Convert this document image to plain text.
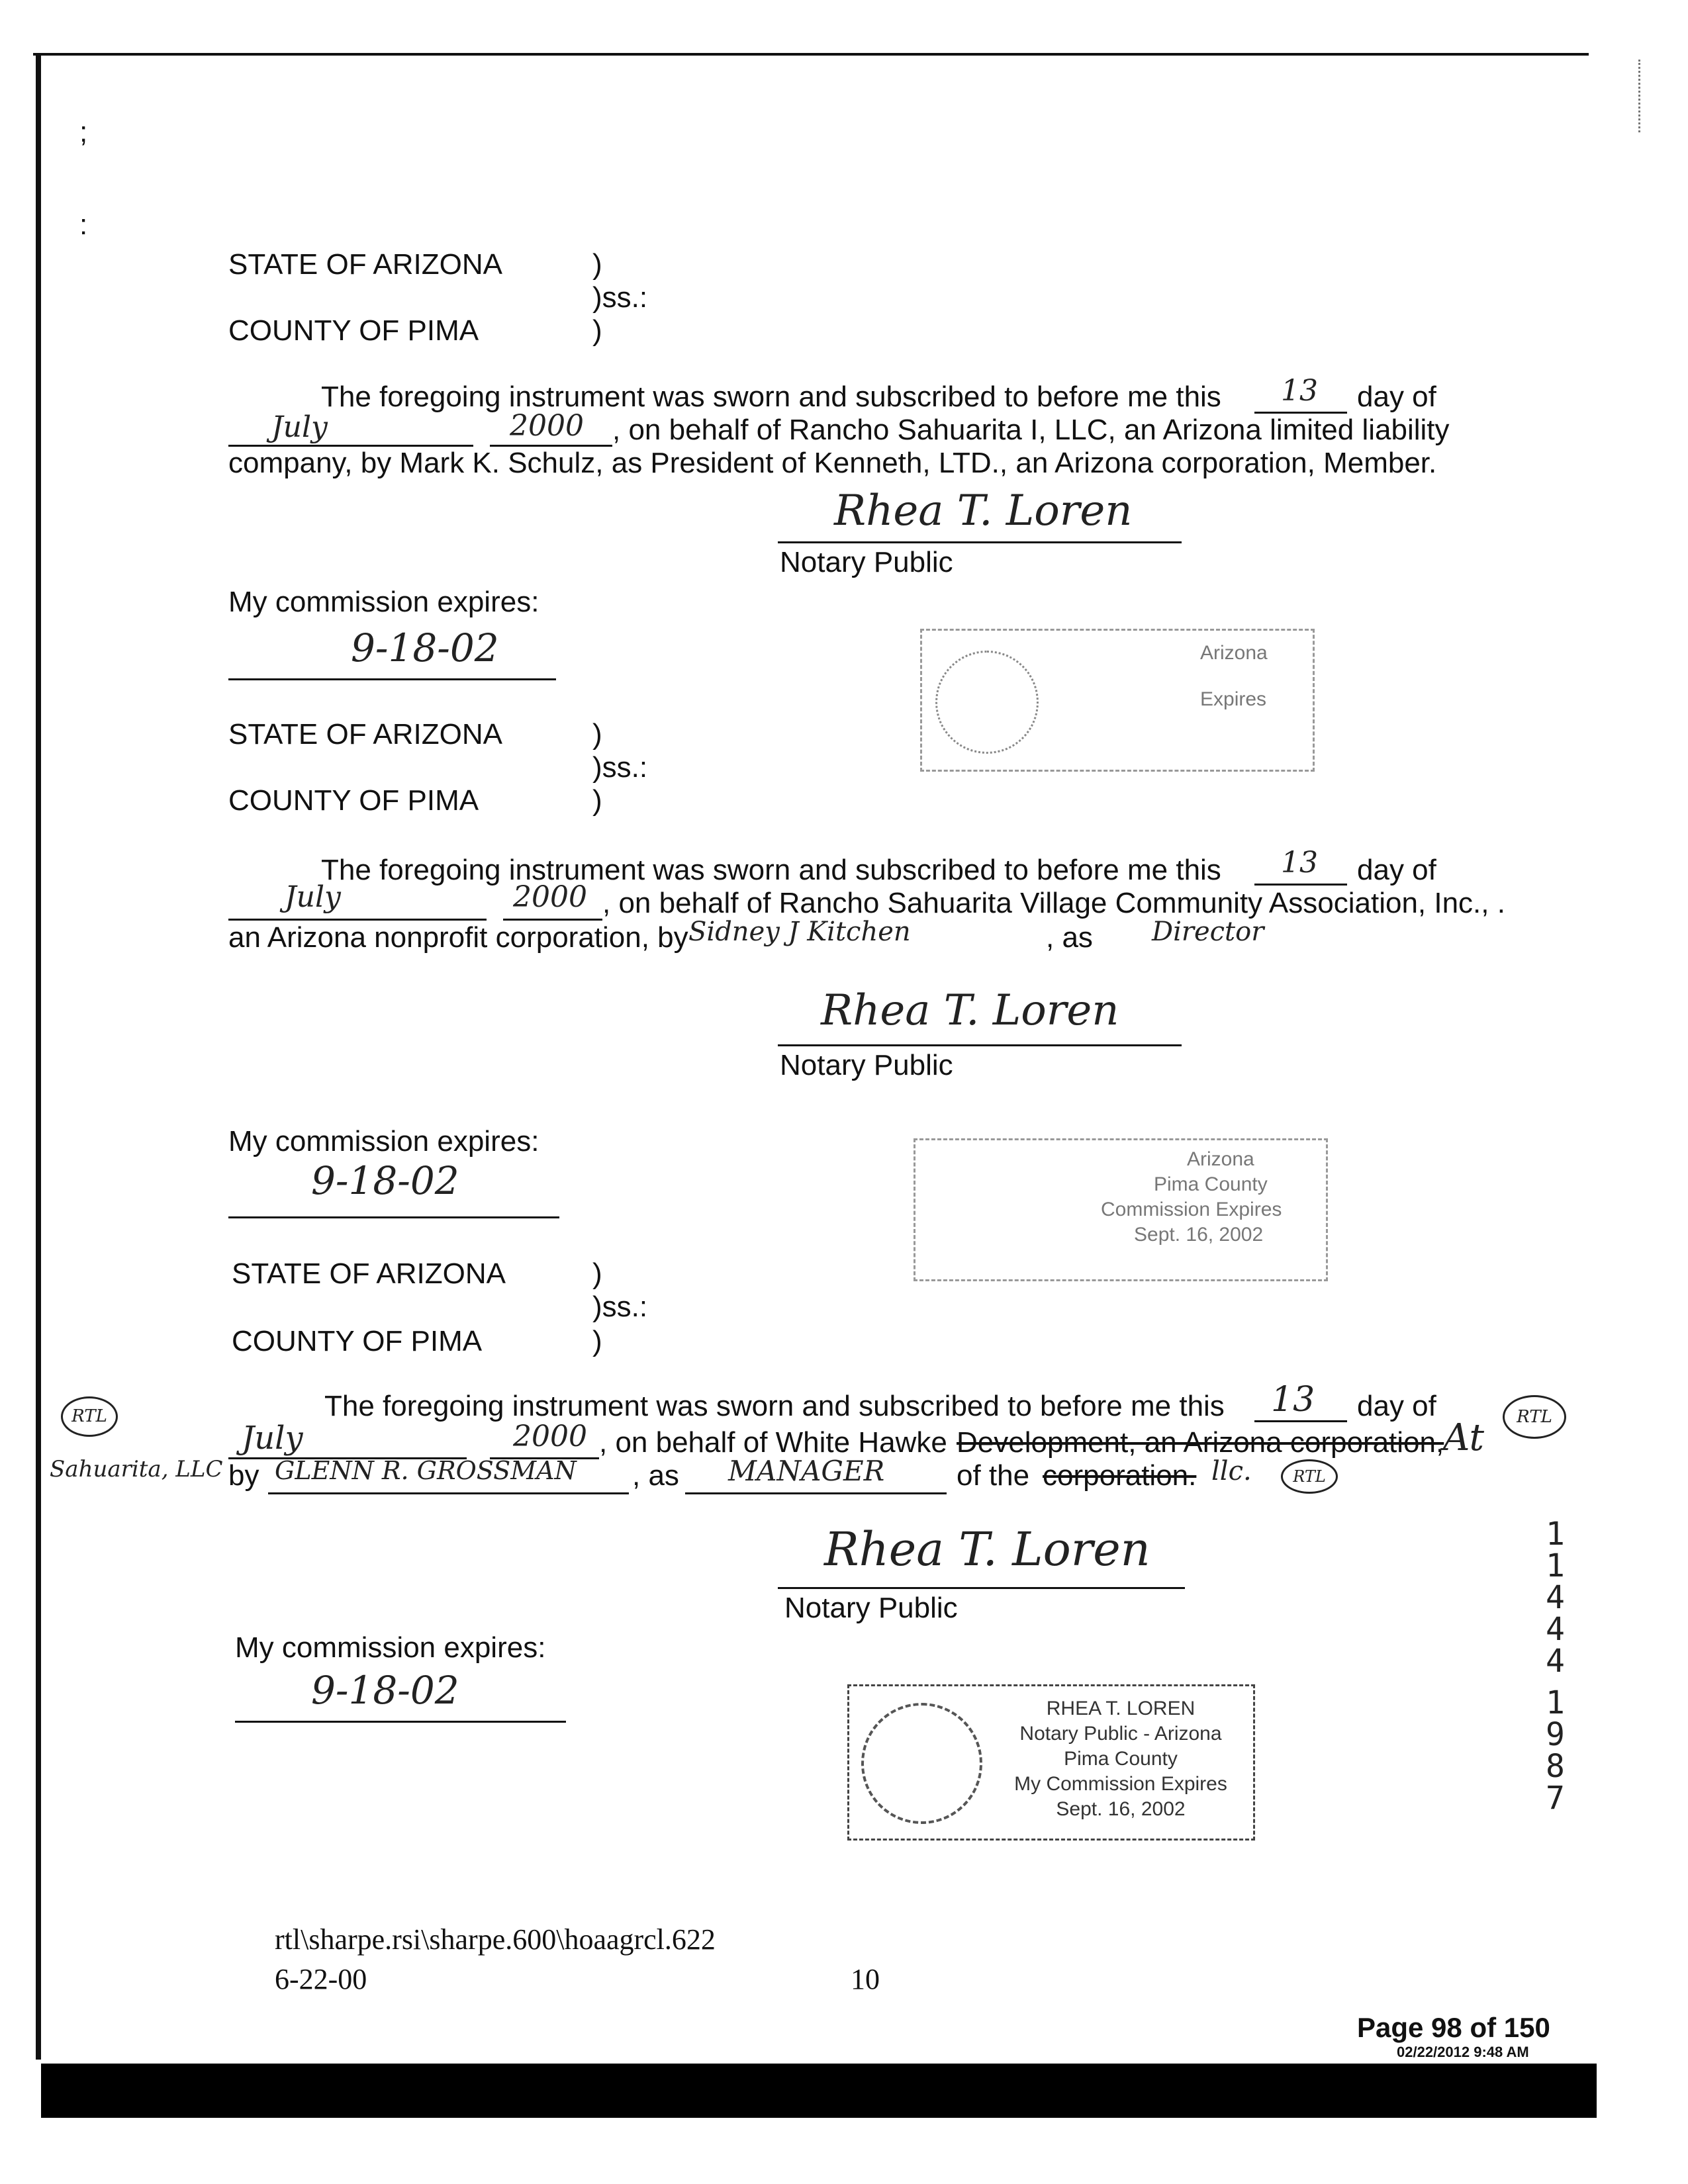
;
:
STATE OF ARIZONA	)
)ss.:
COUNTY OF PIMA	)
The foregoing instrument was sworn and subscribed to before me this 13 day of
July	2000 , on behalf of Rancho Sahuarita I, LLC, an Arizona limited liability
company, by Mark K. Schulz, as President of Kenneth, LTD., an Arizona corporation, Member.
Rhea T. Loren
Notary Public
My commission expires:
9-18-02	Arizona
Expires
STATE OF ARIZONA	)
)ss.:
COUNTY OF PIMA	)
The foregoing instrument was sworn and subscribed to before me this 13 day of
July	2000 , on behalf of Rancho Sahuarita Village Community Association, Inc., .
an Arizona nonprofit corporation, by Sidney J Kitchen	, as Director
Rhea T. Loren
Notary Public
My commission expires:
9-18-02	Arizona
Pima County
Commission Expires
Sept. 16, 2002
STATE OF ARIZONA	)
)ss.:
COUNTY OF PIMA	)
RTL
Sahuarita, LLC
The foregoing instrument was sworn and subscribed to before me this 13 day of	RTL
July	2000 , on behalf of White Hawke Development, an Arizona corporation,
At
by GLENN R. GROSSMAN , as MANAGER of the corporation. llc.	RTL
Rhea T. Loren
Notary Public
My commission expires:
9-18-02	RHEA T. LOREN
Notary Public - Arizona
Pima County
My Commission Expires
Sept. 16, 2002
1
1
4
4
4
1
9
8
7
rtl\sharpe.rsi\sharpe.600\hoaagrcl.622
6-22-00	10
Page 98 of 150
02/22/2012 9:48 AM
